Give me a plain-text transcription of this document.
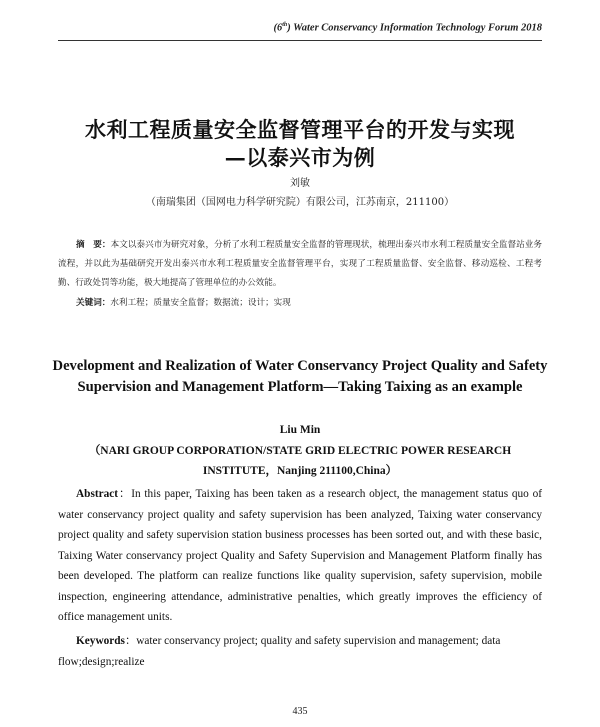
(6th) Water Conservancy Information Technology Forum 2018
水利工程质量安全监督管理平台的开发与实现
—以泰兴市为例
刘敏
（南瑞集团（国网电力科学研究院）有限公司，江苏南京，211100）
摘　要：本文以泰兴市为研究对象，分析了水利工程质量安全监督的管理现状，梳理出泰兴市水利工程质量安全监督站业务流程，并以此为基础研究开发出泰兴市水利工程质量安全监督管理平台，实现了工程质量监督、安全监督、移动巡检、工程考勤、行政处罚等功能，极大地提高了管理单位的办公效能。
关键词：水利工程；质量安全监督；数据流；设计；实现
Development and Realization of Water Conservancy Project Quality and Safety Supervision and Management Platform—Taking Taixing as an example
Liu Min
（NARI GROUP CORPORATION/STATE GRID ELECTRIC POWER RESEARCH INSTITUTE，Nanjing 211100,China）
Abstract：In this paper, Taixing has been taken as a research object, the management status quo of water conservancy project quality and safety supervision has been analyzed, Taixing water conservancy project quality and safety supervision station business processes has been sorted out, and with these basic, Taixing Water conservancy project Quality and Safety Supervision and Management Platform finally has been developed. The platform can realize functions like quality supervision, safety supervision, mobile inspection, engineering attendance, administrative penalties, which greatly improves the efficiency of office management units.
Keywords：water conservancy project; quality and safety supervision and management; data flow;design;realize
435
